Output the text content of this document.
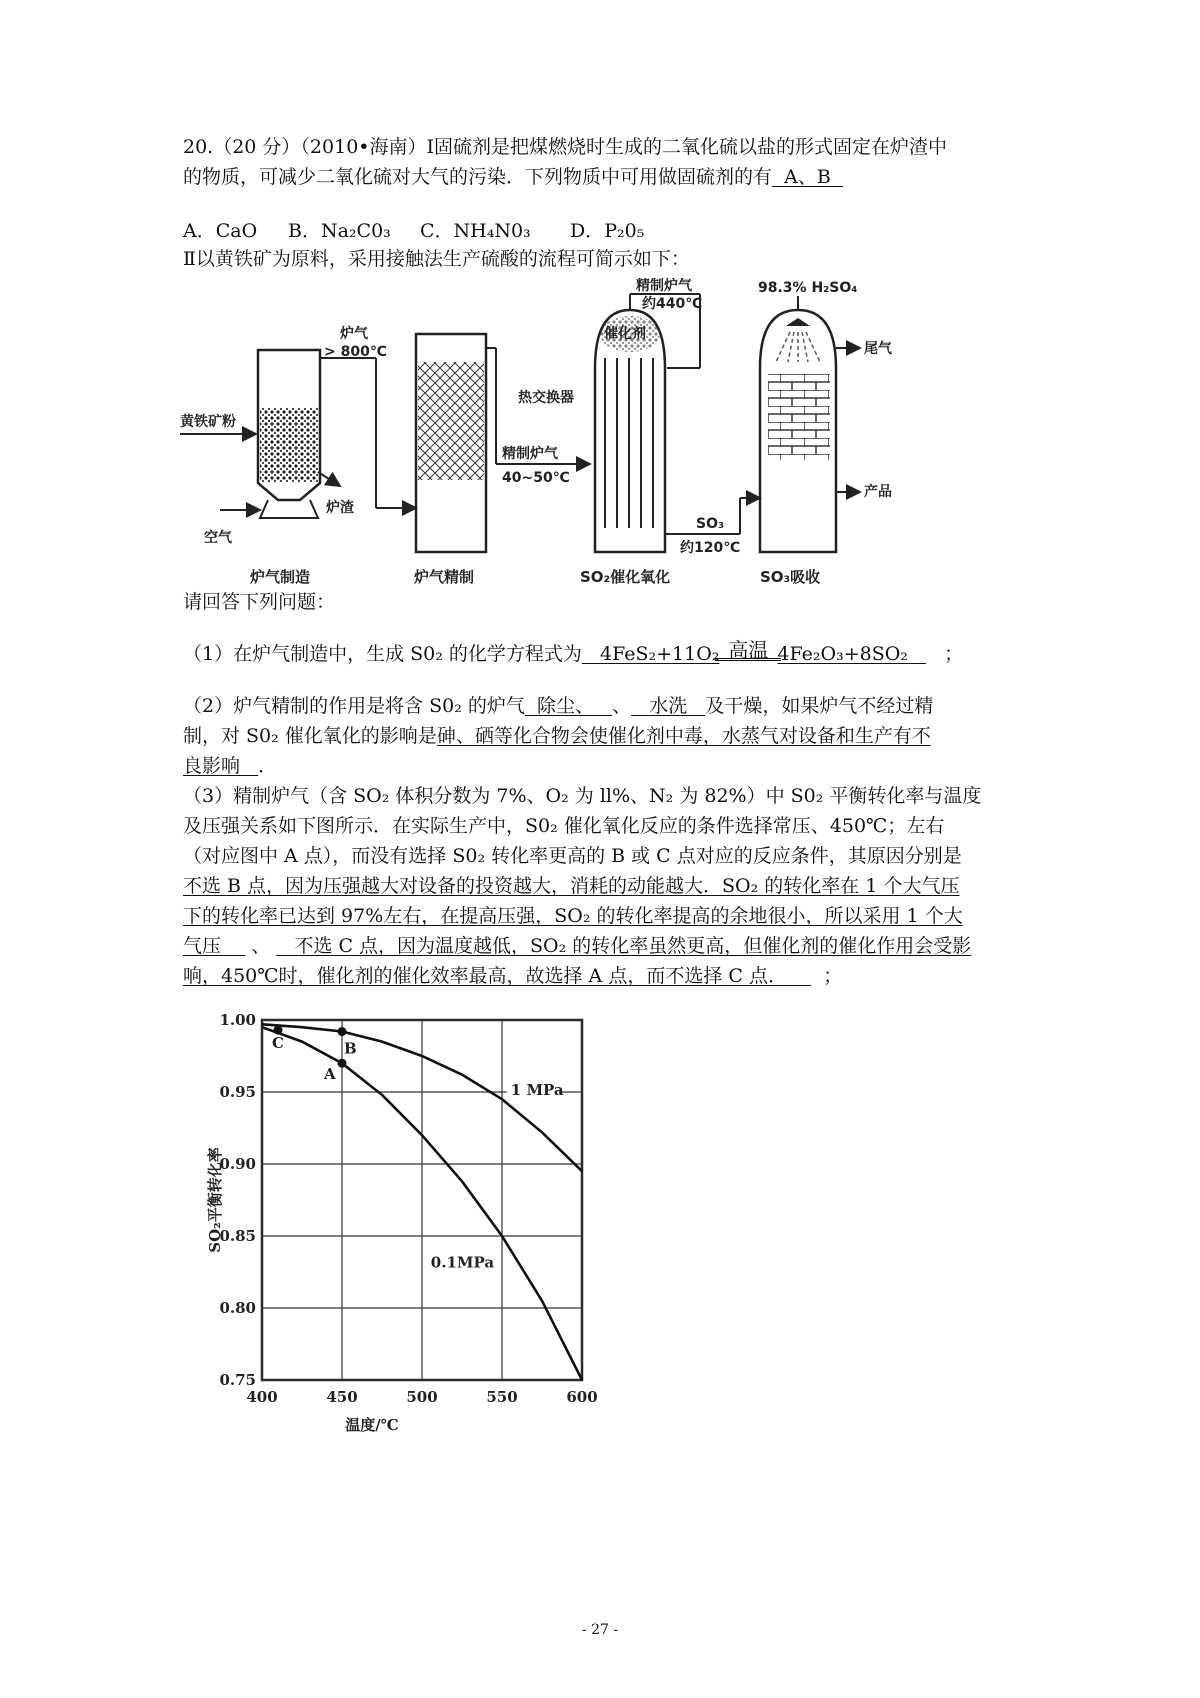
20.（20 分）（2010•海南）Ⅰ固硫剂是把煤燃烧时生成的二氧化硫以盐的形式固定在炉渣中
的物质，可减少二氧化硫对大气的污染．下列物质中可用做固硫剂的有 A、B
A．CaO B．Na₂C0₃ C．NH₄N0₃ D．P₂0₅
Ⅱ以黄铁矿为原料，采用接触法生产硫酸的流程可简示如下：
98.3% H₂SO₄
精制炉气
约440℃
催化剂
炉气
> 800℃	尾气
热交换器
黄铁矿粉
精制炉气
40~50℃
SO₃
约120℃
空气
炉渣
产品
炉气制造	炉气精制	SO₂催化氧化	SO₃吸收
请回答下列问题：
（1）在炉气制造中，生成 S0₂ 的化学方程式为 4FeS₂+11O₂ 高温 4Fe₂O₃+8SO₂ ；
（2）炉气精制的作用是将含 S0₂ 的炉气 除尘、 、 水洗 及干燥，如果炉气不经过精
制，对 S0₂ 催化氧化的影响是砷、硒等化合物会使催化剂中毒，水蒸气对设备和生产有不
良影响 ．
（3）精制炉气（含 SO₂ 体积分数为 7%、O₂ 为 ll%、N₂ 为 82%）中 S0₂ 平衡转化率与温度
及压强关系如下图所示．在实际生产中，S0₂ 催化氧化反应的条件选择常压、450℃；左右
（对应图中 A 点），而没有选择 S0₂ 转化率更高的 B 或 C 点对应的反应条件，其原因分别是
不选 B 点，因为压强越大对设备的投资越大，消耗的动能越大．SO₂ 的转化率在 1 个大气压
下的转化率已达到 97%左右，在提高压强，SO₂ 的转化率提高的余地很小，所以采用 1 个大
气压 、 不选 C 点，因为温度越低，SO₂ 的转化率虽然更高，但催化剂的催化作用会受影
响，450℃时，催化剂的催化效率最高，故选择 A 点，而不选择 C 点． ；
1 MPa
0.1MPa
400	450	500	550	600
0.75
0.80
0.85
0.90
0.95
1.00
C	B
A
温度/℃
SO₂平衡转化率
- 27 -
